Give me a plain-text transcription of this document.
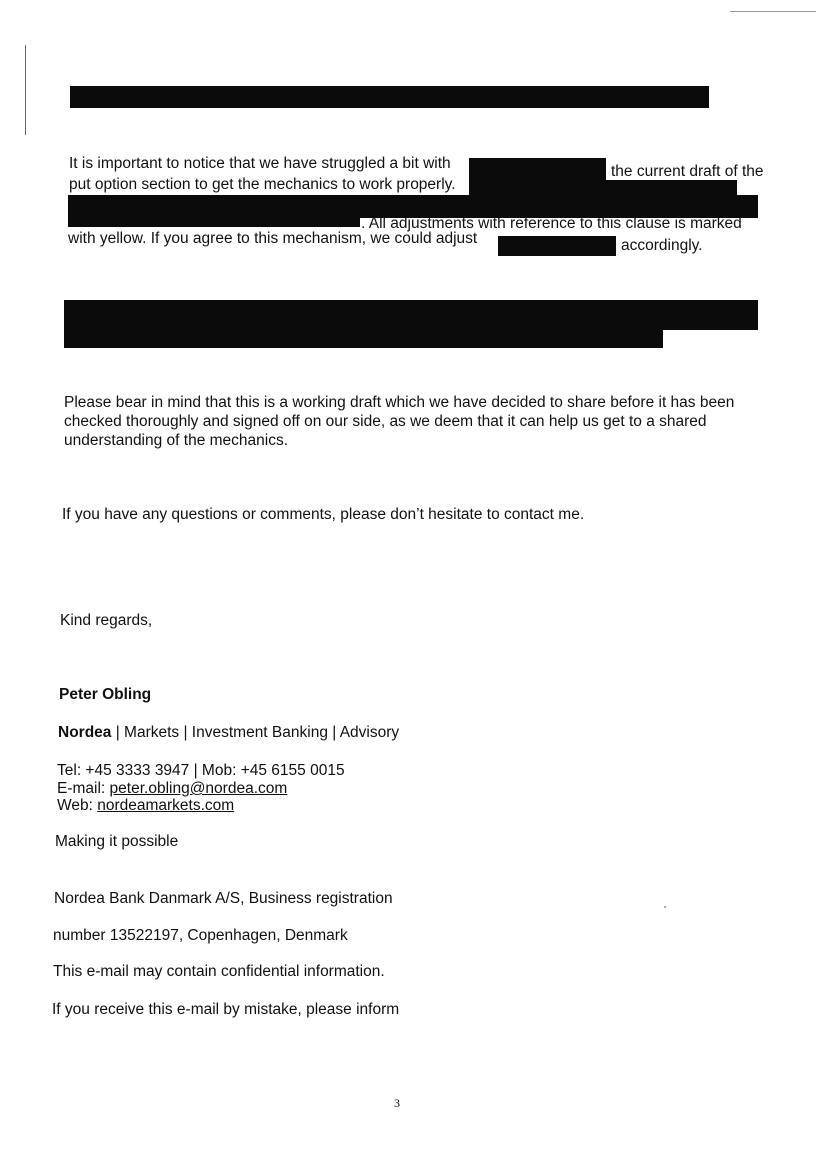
It is important to notice that we have struggled a bit with	the current draft of the
put option section to get the mechanics to work properly.
. All adjustments with reference to this clause is marked
with yellow. If you agree to this mechanism, we could adjust	accordingly.
Please bear in mind that this is a working draft which we have decided to share before it has been
checked thoroughly and signed off on our side, as we deem that it can help us get to a shared
understanding of the mechanics.
If you have any questions or comments, please don’t hesitate to contact me.
Kind regards,
Peter Obling
Nordea | Markets | Investment Banking | Advisory
Tel: +45 3333 3947 | Mob: +45 6155 0015
E-mail: peter.obling@nordea.com
Web: nordeamarkets.com
Making it possible
Nordea Bank Danmark A/S, Business registration
number 13522197, Copenhagen, Denmark
This e-mail may contain confidential information.
If you receive this e-mail by mistake, please inform
3
